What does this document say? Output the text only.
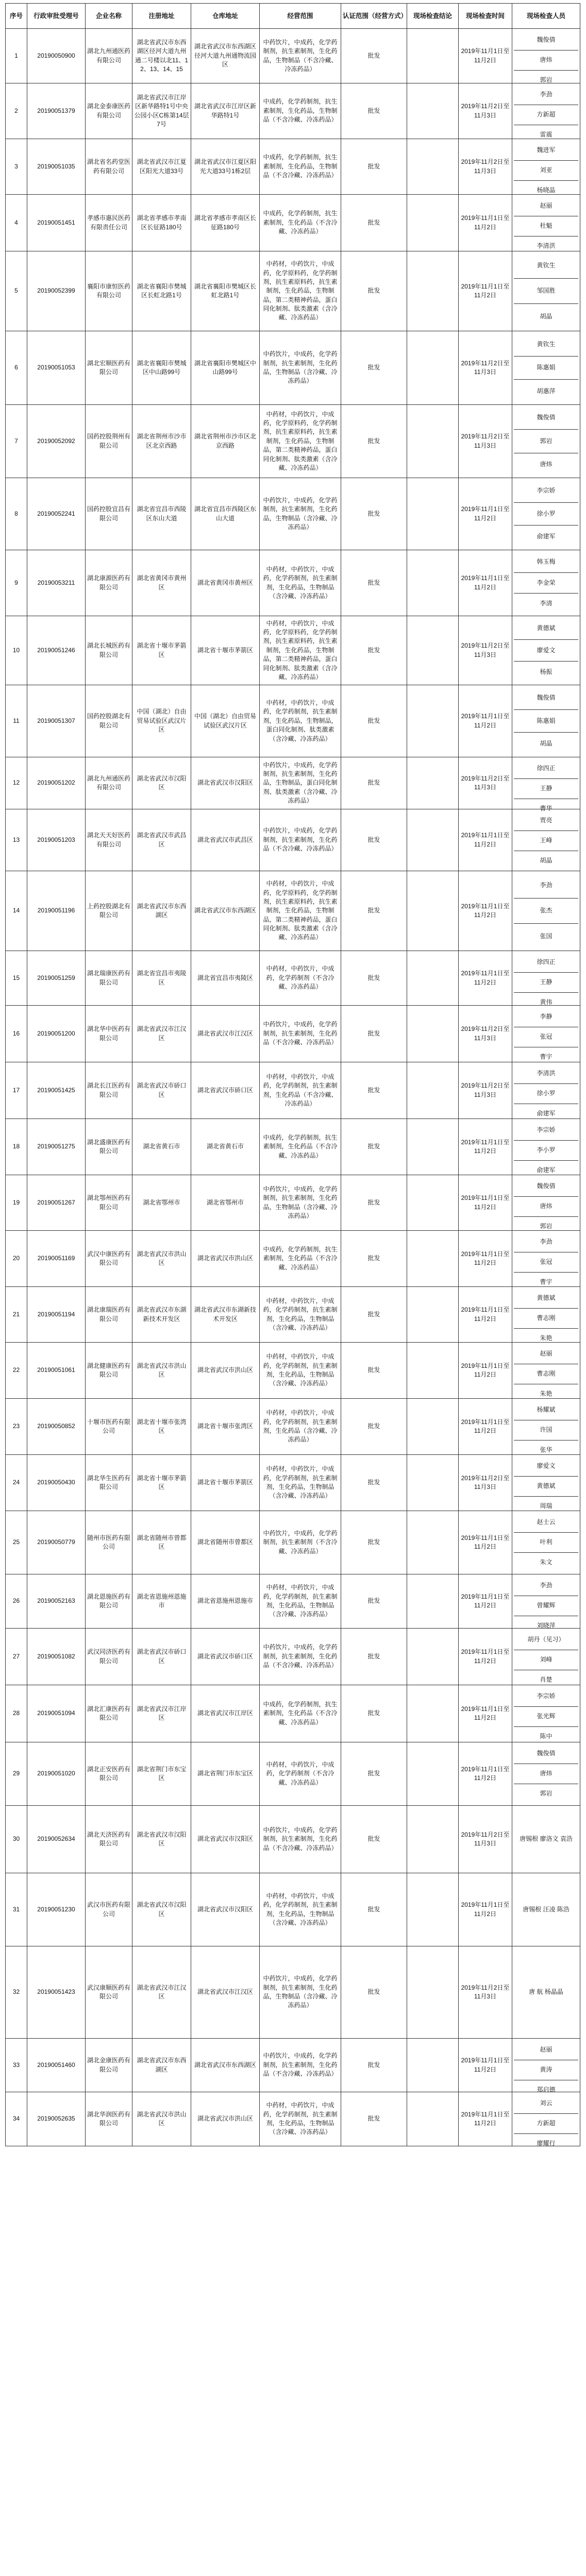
序号	行政审批受理号	企业名称	注册地址	仓库地址	经营范围	认证范围（经营方式）	现场检查结论	现场检查时间	现场检查人员
1	20190050900	湖北九州通医药有限公司	湖北省武汉市东西湖区径河大道九州通二号楼以北11、12、13、14、15	湖北省武汉市东西湖区径河大道九州通物流园区	中药饮片，中成药，化学药制剂，抗生素制剂，生化药品，生物制品（不含冷藏、冷冻药品）	批发		2019年11月1日至11月2日	魏俊倩
唐炜
郭岩

2	20190051379	湖北金泰康医药有限公司	湖北省武汉市江岸区新华路特1号中央公园小区C栋第14层7号	湖北省武汉市江岸区新华路特1号	中成药，化学药制剂，抗生素制剂，生化药品，生物制品（不含冷藏、冷冻药品）	批发		2019年11月2日至11月3日	李劲
方新超
雷震

3	20190051035	湖北省名药堂医药有限公司	湖北省武汉市江夏区阳光大道33号	湖北省武汉市江夏区阳光大道33号1栋2层	中成药，化学药制剂，抗生素制剂，生化药品，生物制品（不含冷藏、冷冻药品）	批发		2019年11月2日至11月3日	魏进军
刘亚
杨晓晶

4	20190051451	孝感市惠民医药有限责任公司	湖北省孝感市孝南区长征路180号	湖北省孝感市孝南区长征路180号	中成药，化学药制剂，抗生素制剂，生化药品（不含冷藏、冷冻药品）	批发		2019年11月1日至11月2日	赵丽
杜魁
李清洪

5	20190052399	襄阳市康恒医药有限公司	湖北省襄阳市樊城区长虹北路1号	湖北省襄阳市樊城区长虹北路1号	中药材，中药饮片，中成药，化学原料药，化学药制剂，抗生素原料药，抗生素制剂，生化药品，生物制品，第二类精神药品，蛋白同化制剂、肽类激素（含冷藏、冷冻药品）	批发		2019年11月1日至11月2日	黄钦生
邹国胜
胡晶

6	20190051053	湖北宏顺医药有限公司	湖北省襄阳市樊城区中山路99号	湖北省襄阳市樊城区中山路99号	中药饮片，中成药，化学药制剂，抗生素制剂，生化药品，生物制品（含冷藏、冷冻药品）	批发		2019年11月2日至11月3日	黄钦生
陈惠娟
胡惠萍

7	20190052092	国药控股荆州有限公司	湖北省荆州市沙市区北京西路	湖北省荆州市沙市区北京西路	中药材，中药饮片，中成药，化学原料药，化学药制剂，抗生素原料药，抗生素制剂，生化药品，生物制品，第二类精神药品，蛋白同化制剂、肽类激素（含冷藏、冷冻药品）	批发		2019年11月2日至11月3日	魏俊倩
郭岩
唐炜

8	20190052241	国药控股宜昌有限公司	湖北省宜昌市西陵区东山大道	湖北省宜昌市西陵区东山大道	中药饮片，中成药，化学药制剂，抗生素制剂，生化药品，生物制品（含冷藏、冷冻药品）	批发		2019年11月1日至11月2日	李宗娇
徐小罗
俞建军

9	20190053211	湖北康源医药有限公司	湖北省黄冈市黄州区	湖北省黄冈市黄州区	中药材，中药饮片，中成药，化学药制剂，抗生素制剂，生化药品，生物制品（含冷藏、冷冻药品）	批发		2019年11月1日至11月2日	韩玉梅
李金荣
李清

10	20190051246	湖北长城医药有限公司	湖北省十堰市茅箭区	湖北省十堰市茅箭区	中药材，中药饮片，中成药，化学原料药，化学药制剂，抗生素原料药，抗生素制剂，生化药品，生物制品，第二类精神药品，蛋白同化制剂、肽类激素（含冷藏、冷冻药品）	批发		2019年11月2日至11月3日	黄德斌
廖爱文
杨振

11	20190051307	国药控股湖北有限公司	中国（湖北）自由贸易试验区武汉片区	中国（湖北）自由贸易试验区武汉片区	中药材，中药饮片，中成药，化学药制剂，抗生素制剂，生化药品，生物制品，蛋白同化制剂、肽类激素（含冷藏、冷冻药品）	批发		2019年11月1日至11月2日	魏俊倩
陈惠娟
胡晶

12	20190051202	湖北九州通医药有限公司	湖北省武汉市汉阳区	湖北省武汉市汉阳区	中药饮片，中成药，化学药制剂，抗生素制剂，生化药品，生物制品，蛋白同化制剂、肽类激素（含冷藏、冷冻药品）	批发		2019年11月2日至11月3日	徐四正
王静
曹华

13	20190051203	湖北天天好医药有限公司	湖北省武汉市武昌区	湖北省武汉市武昌区	中药饮片，中成药，化学药制剂，抗生素制剂，生化药品（不含冷藏、冷冻药品）	批发		2019年11月1日至11月2日	贾亮
王峰
胡晶

14	20190051196	上药控股湖北有限公司	湖北省武汉市东西湖区	湖北省武汉市东西湖区	中药材，中药饮片，中成药，化学原料药，化学药制剂，抗生素原料药，抗生素制剂，生化药品，生物制品，第二类精神药品，蛋白同化制剂、肽类激素（含冷藏、冷冻药品）	批发		2019年11月1日至11月2日	李劲
张杰
张国

15	20190051259	湖北瑞康医药有限公司	湖北省宜昌市夷陵区	湖北省宜昌市夷陵区	中药材，中药饮片，中成药，化学药制剂（不含冷藏、冷冻药品）	批发		2019年11月1日至11月2日	徐四正
王静
黄伟

16	20190051200	湖北华中医药有限公司	湖北省武汉市江汉区	湖北省武汉市江汉区	中药饮片，中成药，化学药制剂，抗生素制剂，生化药品（不含冷藏、冷冻药品）	批发		2019年11月2日至11月3日	李静
张冠
曹宇

17	20190051425	湖北长江医药有限公司	湖北省武汉市硚口区	湖北省武汉市硚口区	中药材，中药饮片，中成药，化学药制剂，抗生素制剂，生化药品（不含冷藏、冷冻药品）	批发		2019年11月2日至11月3日	李清洪
徐小罗
俞建军

18	20190051275	湖北盛康医药有限公司	湖北省黄石市	湖北省黄石市	中成药，化学药制剂，抗生素制剂，生化药品（不含冷藏、冷冻药品）	批发		2019年11月1日至11月2日	李宗娇
李小罗
俞建军

19	20190051267	湖北鄂州医药有限公司	湖北省鄂州市	湖北省鄂州市	中药饮片，中成药，化学药制剂，抗生素制剂，生化药品，生物制品（含冷藏、冷冻药品）	批发		2019年11月1日至11月2日	魏俊倩
唐炜
郭岩

20	20190051169	武汉中康医药有限公司	湖北省武汉市洪山区	湖北省武汉市洪山区	中成药，化学药制剂，抗生素制剂，生化药品（不含冷藏、冷冻药品）	批发		2019年11月1日至11月2日	李劲
张冠
曹宇

21	20190051194	湖北康瑞医药有限公司	湖北省武汉市东湖新技术开发区	湖北省武汉市东湖新技术开发区	中药材，中药饮片，中成药，化学药制剂，抗生素制剂，生化药品，生物制品（含冷藏、冷冻药品）	批发		2019年11月1日至11月2日	黄德斌
曹志刚
朱艳

22	20190051061	湖北健康医药有限公司	湖北省武汉市洪山区	湖北省武汉市洪山区	中药材，中药饮片，中成药，化学药制剂，抗生素制剂，生化药品，生物制品（含冷藏、冷冻药品）	批发		2019年11月1日至11月2日	赵丽
曹志刚
朱艳

23	20190050852	十堰市医药有限公司	湖北省十堰市张湾区	湖北省十堰市张湾区	中药材，中药饮片，中成药，化学药制剂，抗生素制剂，生化药品（含冷藏、冷冻药品）	批发		2019年11月1日至11月2日	杨耀斌
许国
张华

24	20190050430	湖北华生医药有限公司	湖北省十堰市茅箭区	湖北省十堰市茅箭区	中药材，中药饮片，中成药，化学药制剂，抗生素制剂，生化药品，生物制品（含冷藏、冷冻药品）	批发		2019年11月2日至11月3日	廖爱文
黄德斌
周瑞

25	20190050779	随州市医药有限公司	湖北省随州市曾都区	湖北省随州市曾都区	中药饮片，中成药，化学药制剂，抗生素制剂（不含冷藏、冷冻药品）	批发		2019年11月1日至11月2日	赵士云
叶利
朱文

26	20190052163	湖北恩施医药有限公司	湖北省恩施州恩施市	湖北省恩施州恩施市	中药材，中药饮片，中成药，化学药制剂，抗生素制剂，生化药品，生物制品（含冷藏、冷冻药品）	批发		2019年11月1日至11月2日	李劲
曾耀辉
刘晓萍

27	20190051082	武汉同济医药有限公司	湖北省武汉市硚口区	湖北省武汉市硚口区	中药饮片，中成药，化学药制剂，抗生素制剂，生化药品（不含冷藏、冷冻药品）	批发		2019年11月1日至11月2日	胡丹（见习）
刘峰
肖楚

28	20190051094	湖北汇康医药有限公司	湖北省武汉市江岸区	湖北省武汉市江岸区	中成药，化学药制剂，抗生素制剂，生化药品（不含冷藏、冷冻药品）	批发		2019年11月1日至11月2日	李宗娇
张光辉
陈中

29	20190051020	湖北正安医药有限公司	湖北省荆门市东宝区	湖北省荆门市东宝区	中药材，中药饮片，中成药，化学药制剂（不含冷藏、冷冻药品）	批发		2019年11月1日至11月2日	魏俊倩
唐炜
郭岩

30	20190052634	湖北天济医药有限公司	湖北省武汉市汉阳区	湖北省武汉市汉阳区	中药饮片，中成药，化学药制剂，抗生素制剂，生化药品（不含冷藏、冷冻药品）	批发		2019年11月2日至11月3日	唐锡根 廖洛文 袁浩

31	20190051230	武汉市医药有限公司	湖北省武汉市汉阳区	湖北省武汉市汉阳区	中药材，中药饮片，中成药，化学药制剂，抗生素制剂，生化药品，生物制品（含冷藏、冷冻药品）	批发		2019年11月1日至11月2日	唐锡根 汪凌 陈浩

32	20190051423	武汉康顺医药有限公司	湖北省武汉市江汉区	湖北省武汉市江汉区	中药饮片，中成药，化学药制剂，抗生素制剂，生化药品，生物制品（含冷藏、冷冻药品）	批发		2019年11月2日至11月3日	唐 航 杨晶晶

33	20190051460	湖北金康医药有限公司	湖北省武汉市东西湖区	湖北省武汉市东西湖区	中药饮片，中成药，化学药制剂，抗生素制剂，生化药品（不含冷藏、冷冻药品）	批发		2019年11月1日至11月2日	赵丽
黄涛
郑启德

34	20190052635	湖北华润医药有限公司	湖北省武汉市洪山区	湖北省武汉市洪山区	中药材，中药饮片，中成药，化学药制剂，抗生素制剂，生化药品，生物制品（含冷藏、冷冻药品）	批发		2019年11月1日至11月2日	刘云
方新超
廖耀行
